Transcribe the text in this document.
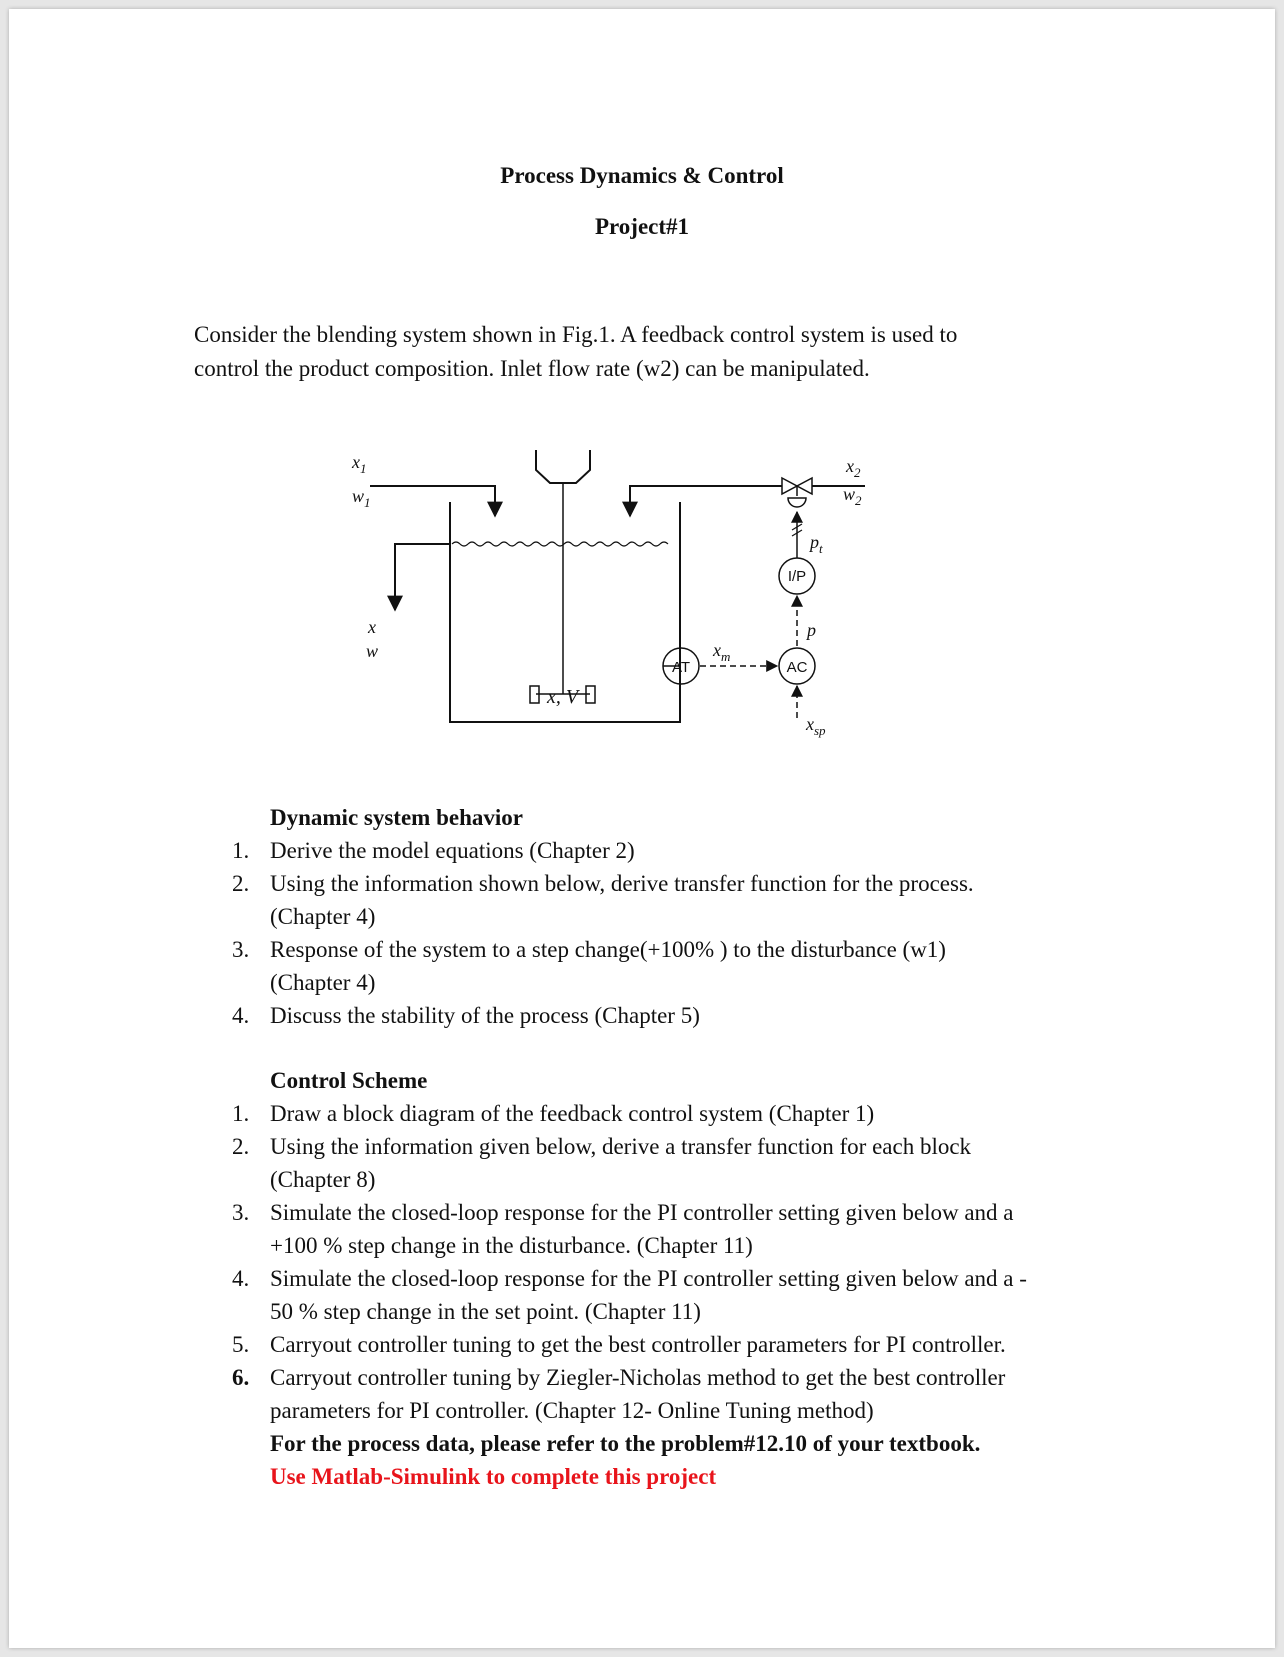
Process Dynamics & Control
Project#1
Consider the blending system shown in Fig.1. A feedback control system is used to
control the product composition. Inlet flow rate (w2) can be manipulated.
$x_1$
$w_1$
$x_2$
$w_2$
x
w
x, V
$p_t$
p
$x_m$
$x_{sp}$
I/P
AT	AC
Dynamic system behavior
1. Derive the model equations (Chapter 2)
2. Using the information shown below, derive transfer function for the process.
(Chapter 4)
3. Response of the system to a step change(+100% ) to the disturbance (w1)
(Chapter 4)
4. Discuss the stability of the process (Chapter 5)
Control Scheme
1. Draw a block diagram of the feedback control system (Chapter 1)
2. Using the information given below, derive a transfer function for each block
(Chapter 8)
3. Simulate the closed-loop response for the PI controller setting given below and a
+100 % step change in the disturbance. (Chapter 11)
4. Simulate the closed-loop response for the PI controller setting given below and a -
50 % step change in the set point. (Chapter 11)
5. Carryout controller tuning to get the best controller parameters for PI controller.
6. Carryout controller tuning by Ziegler-Nicholas method to get the best controller
parameters for PI controller. (Chapter 12- Online Tuning method)
For the process data, please refer to the problem#12.10 of your textbook.
Use Matlab-Simulink to complete this project
